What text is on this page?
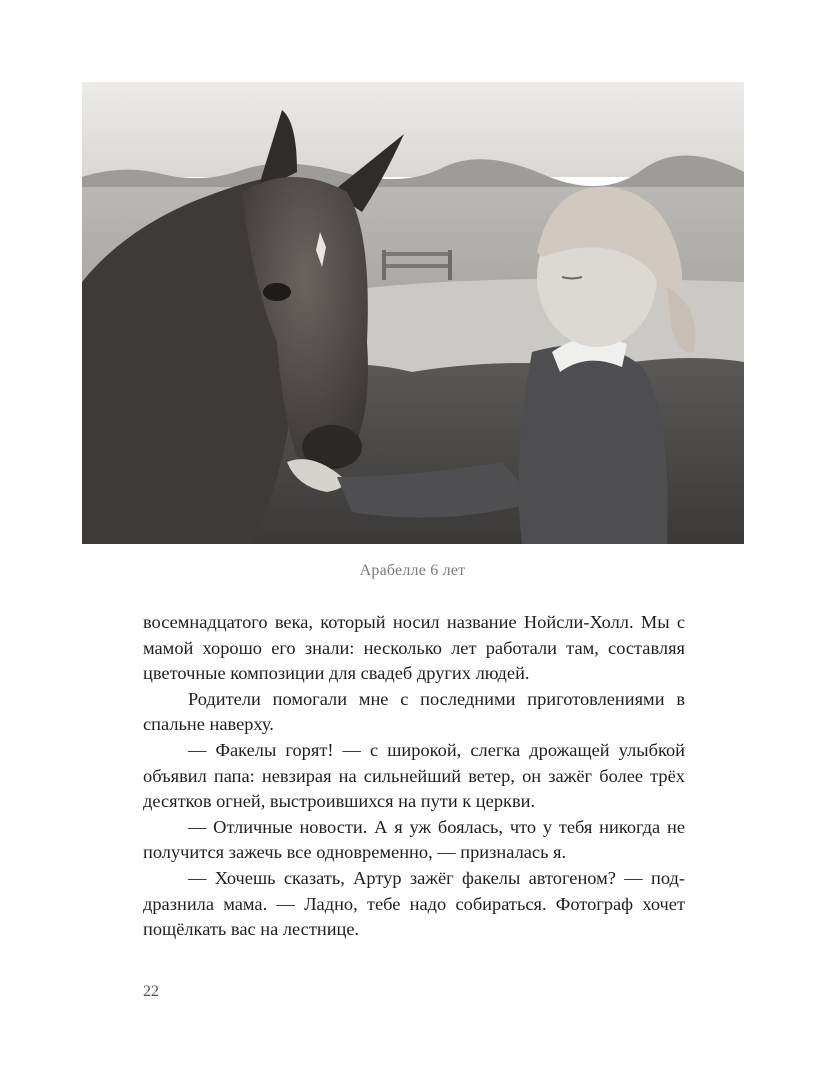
Арабелле 6 лет

восемнадцатого века, который носил название Нойсли-Холл. Мы с мамой хорошо его знали: несколько лет работали там, составляя цветочные композиции для свадеб других людей.

Родители помогали мне с последними приготовлениями в спальне наверху.

— Факелы горят! — с широкой, слегка дрожащей улыбкой объявил папа: невзирая на сильнейший ветер, он зажёг более трёх десятков огней, выстроившихся на пути к церкви.

— Отличные новости. А я уж боялась, что у тебя никогда не получится зажечь все одновременно, — призналась я.

— Хочешь сказать, Артур зажёг факелы автогеном? — под-дразнила мама. — Ладно, тебе надо собираться. Фотограф хочет пощёлкать вас на лестнице.

22
